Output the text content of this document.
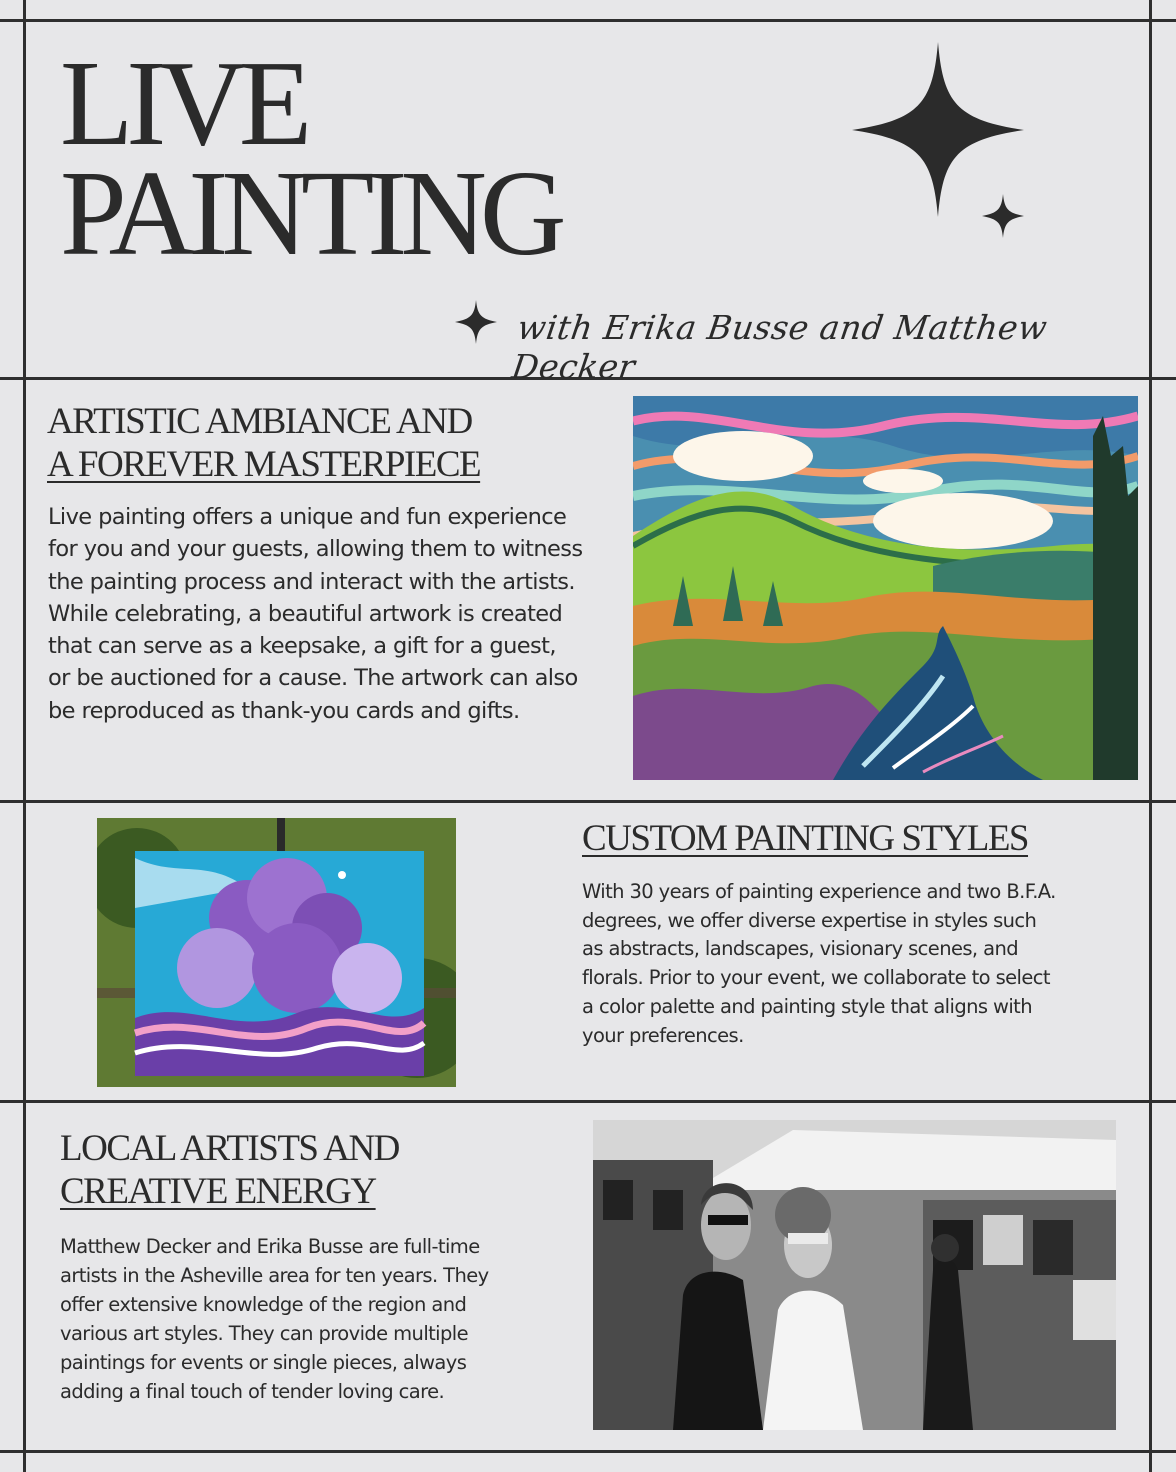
LIVE
PAINTING
with Erika Busse and Matthew Decker
ARTISTIC AMBIANCE AND
A FOREVER MASTERPIECE

Live painting offers a unique and fun experience for you and your guests, allowing them to witness the painting process and interact with the artists. While celebrating, a beautiful artwork is created that can serve as a keepsake, a gift for a guest, or be auctioned for a cause. The artwork can also be reproduced as thank-you cards and gifts.

CUSTOM PAINTING STYLES

With 30 years of painting experience and two B.F.A. degrees, we offer diverse expertise in styles such as abstracts, landscapes, visionary scenes, and florals. Prior to your event, we collaborate to select a color palette and painting style that aligns with your preferences.

LOCAL ARTISTS AND
CREATIVE ENERGY

Matthew Decker and Erika Busse are full-time artists in the Asheville area for ten years. They offer extensive knowledge of the region and various art styles. They can provide multiple paintings for events or single pieces, always adding a final touch of tender loving care.
